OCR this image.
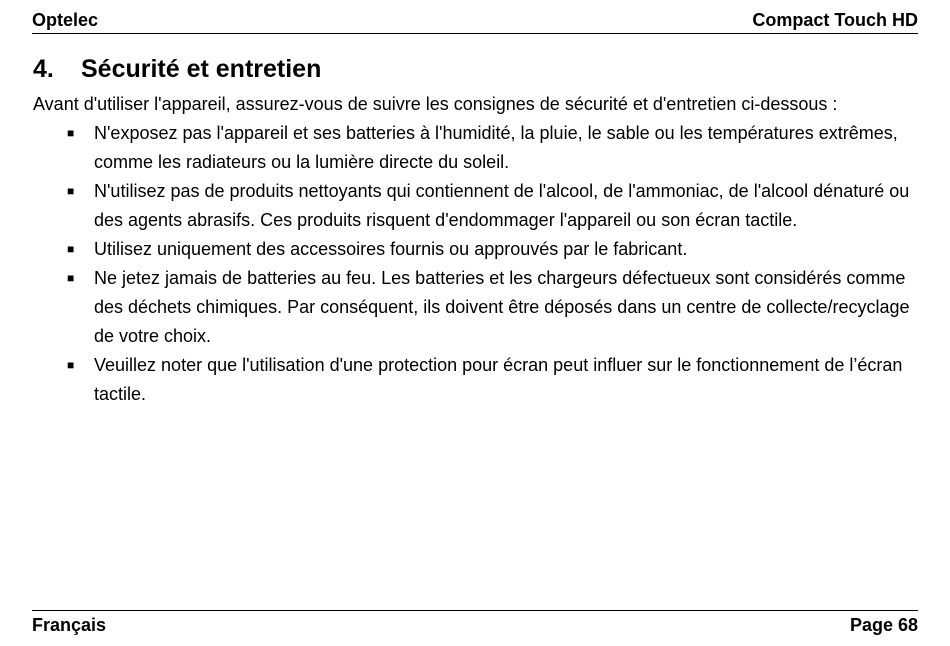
Optelec	Compact Touch HD
4.	Sécurité et entretien

Avant d'utiliser l'appareil, assurez-vous de suivre les consignes de sécurité et d'entretien ci-dessous :

■ N'exposez pas l'appareil et ses batteries à l'humidité, la pluie, le sable ou les températures extrêmes, comme les radiateurs ou la lumière directe du soleil.
■ N'utilisez pas de produits nettoyants qui contiennent de l'alcool, de l'ammoniac, de l'alcool dénaturé ou des agents abrasifs. Ces produits risquent d'endommager l'appareil ou son écran tactile.
■ Utilisez uniquement des accessoires fournis ou approuvés par le fabricant.
■ Ne jetez jamais de batteries au feu. Les batteries et les chargeurs défectueux sont considérés comme des déchets chimiques. Par conséquent, ils doivent être déposés dans un centre de collecte/recyclage de votre choix.
■ Veuillez noter que l'utilisation d'une protection pour écran peut influer sur le fonctionnement de l’écran tactile.
Français	Page 68
